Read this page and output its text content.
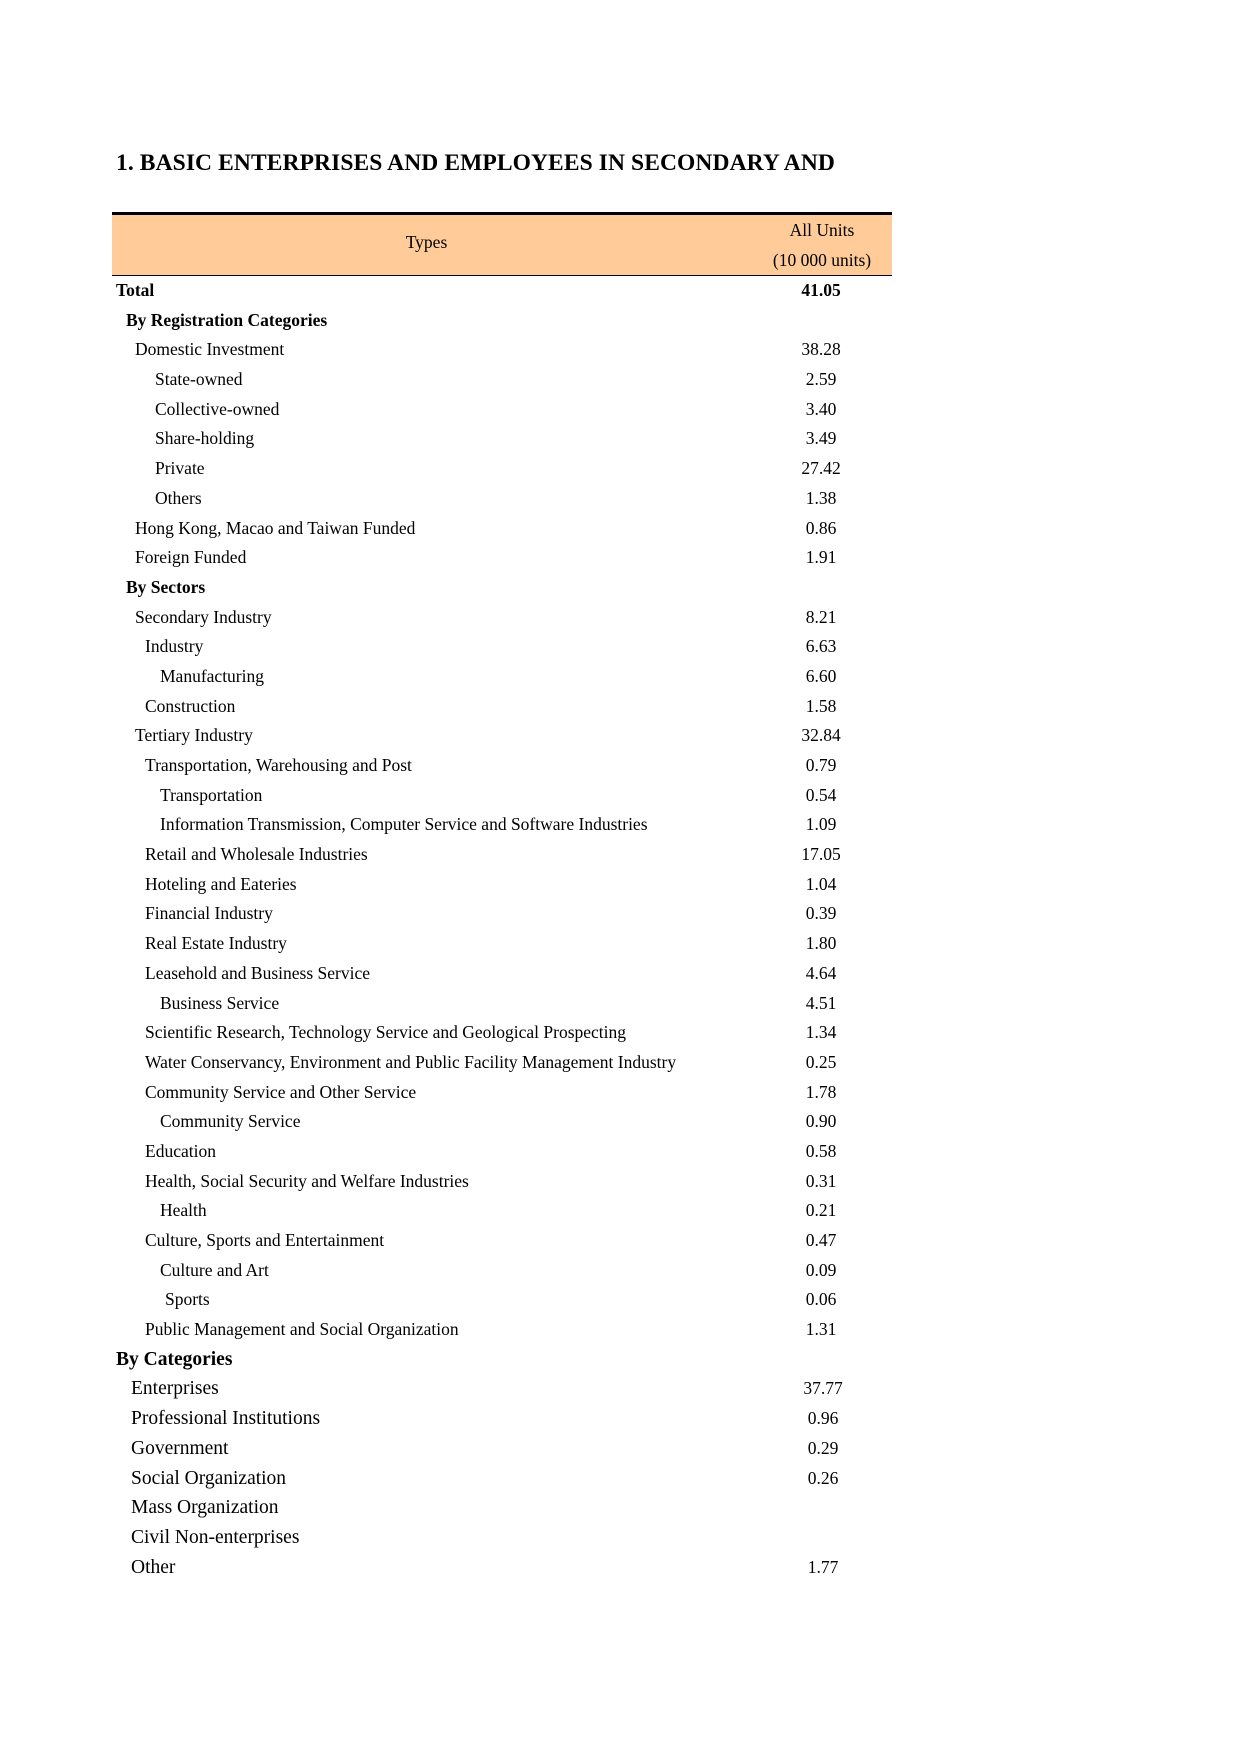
1. BASIC ENTERPRISES AND EMPLOYEES IN SECONDARY AND
Types
All Units
(10 000 units)
Total	41.05
By Registration Categories
Domestic Investment	38.28
State-owned	2.59
Collective-owned	3.40
Share-holding	3.49
Private	27.42
Others	1.38
Hong Kong, Macao and Taiwan Funded	0.86
Foreign Funded	1.91
By Sectors
Secondary Industry	8.21
Industry	6.63
Manufacturing	6.60
Construction	1.58
Tertiary Industry	32.84
Transportation, Warehousing and Post	0.79
Transportation	0.54
Information Transmission, Computer Service and Software Industries	1.09
Retail and Wholesale Industries	17.05
Hoteling and Eateries	1.04
Financial Industry	0.39
Real Estate Industry	1.80
Leasehold and Business Service	4.64
Business Service	4.51
Scientific Research, Technology Service and Geological Prospecting	1.34
Water Conservancy, Environment and Public Facility Management Industry	0.25
Community Service and Other Service	1.78
Community Service	0.90
Education	0.58
Health, Social Security and Welfare Industries	0.31
Health	0.21
Culture, Sports and Entertainment	0.47
Culture and Art	0.09
Sports	0.06
Public Management and Social Organization	1.31
By Categories
Enterprises	37.77
Professional Institutions	0.96
Government	0.29
Social Organization	0.26
Mass Organization
Civil Non-enterprises
Other	1.77
